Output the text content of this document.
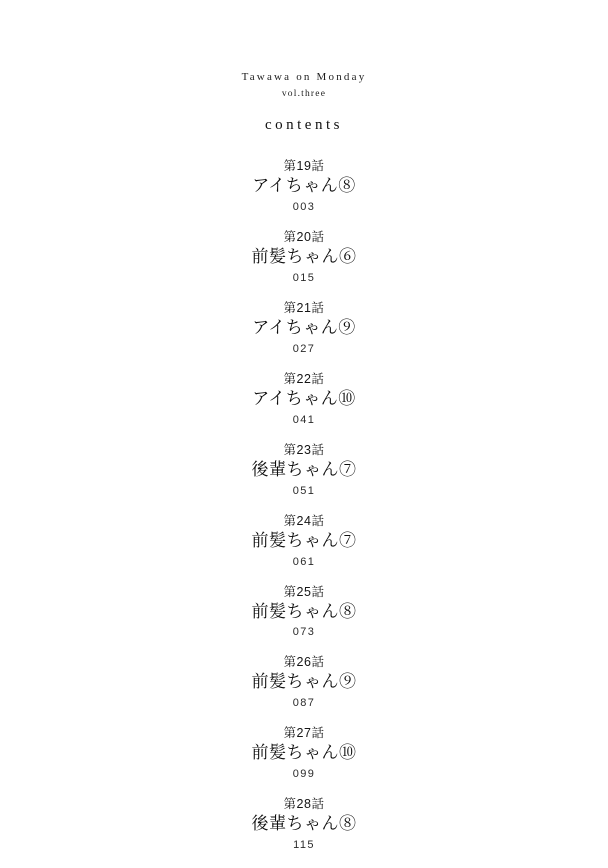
Tawawa on Monday
vol.three
contents
第19話
アイちゃん⑧
003
第20話
前髪ちゃん⑥
015
第21話
アイちゃん⑨
027
第22話
アイちゃん⑩
041
第23話
後輩ちゃん⑦
051
第24話
前髪ちゃん⑦
061
第25話
前髪ちゃん⑧
073
第26話
前髪ちゃん⑨
087
第27話
前髪ちゃん⑩
099
第28話
後輩ちゃん⑧
115
